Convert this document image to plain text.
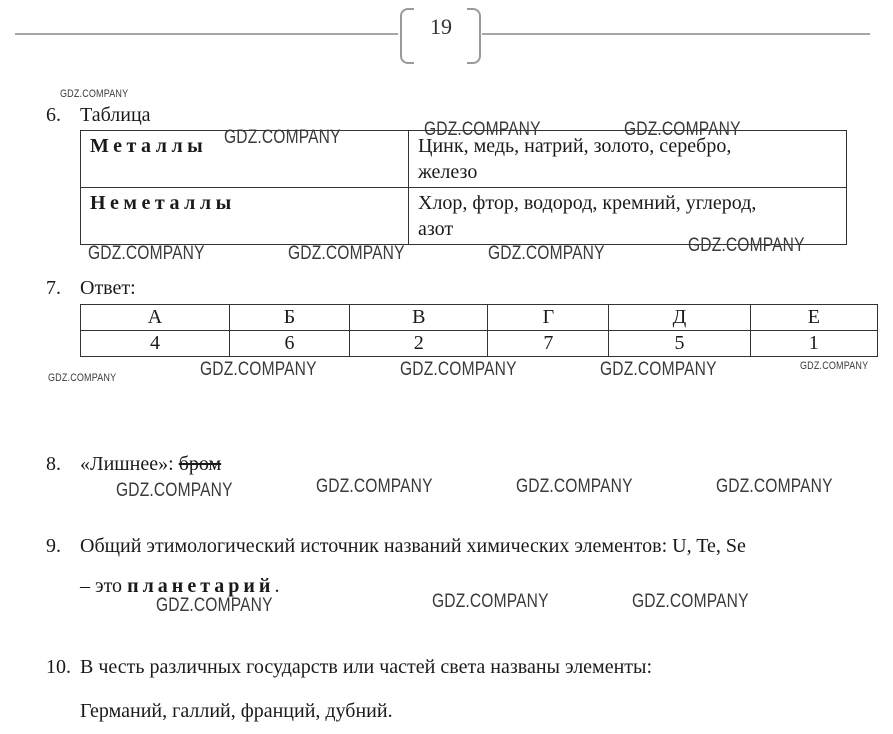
19
6. Таблица
Металлы	Цинк, медь, натрий, золото, серебро,
железо

Неметаллы	Хлор, фтор, водород, кремний, углерод,
азот
7. Ответ:
А	Б	В	Г	Д	Е
4	6	2	7	5	1
8. «Лишнее»: бром
9. Общий этимологический источник названий химических элементов: U, Te, Se
– это планетарий.
10. В честь различных государств или частей света названы элементы:
Германий, галлий, франций, дубний.
GDZ.COMPANY
GDZ.COMPANY	GDZ.COMPANY	GDZ.COMPANY
GDZ.COMPANY	GDZ.COMPANY	GDZ.COMPANY	GDZ.COMPANY
GDZ.COMPANY	GDZ.COMPANY	GDZ.COMPANY	GDZ.COMPANY	GDZ.COMPANY
GDZ.COMPANY	GDZ.COMPANY	GDZ.COMPANY	GDZ.COMPANY
GDZ.COMPANY	GDZ.COMPANY	GDZ.COMPANY
